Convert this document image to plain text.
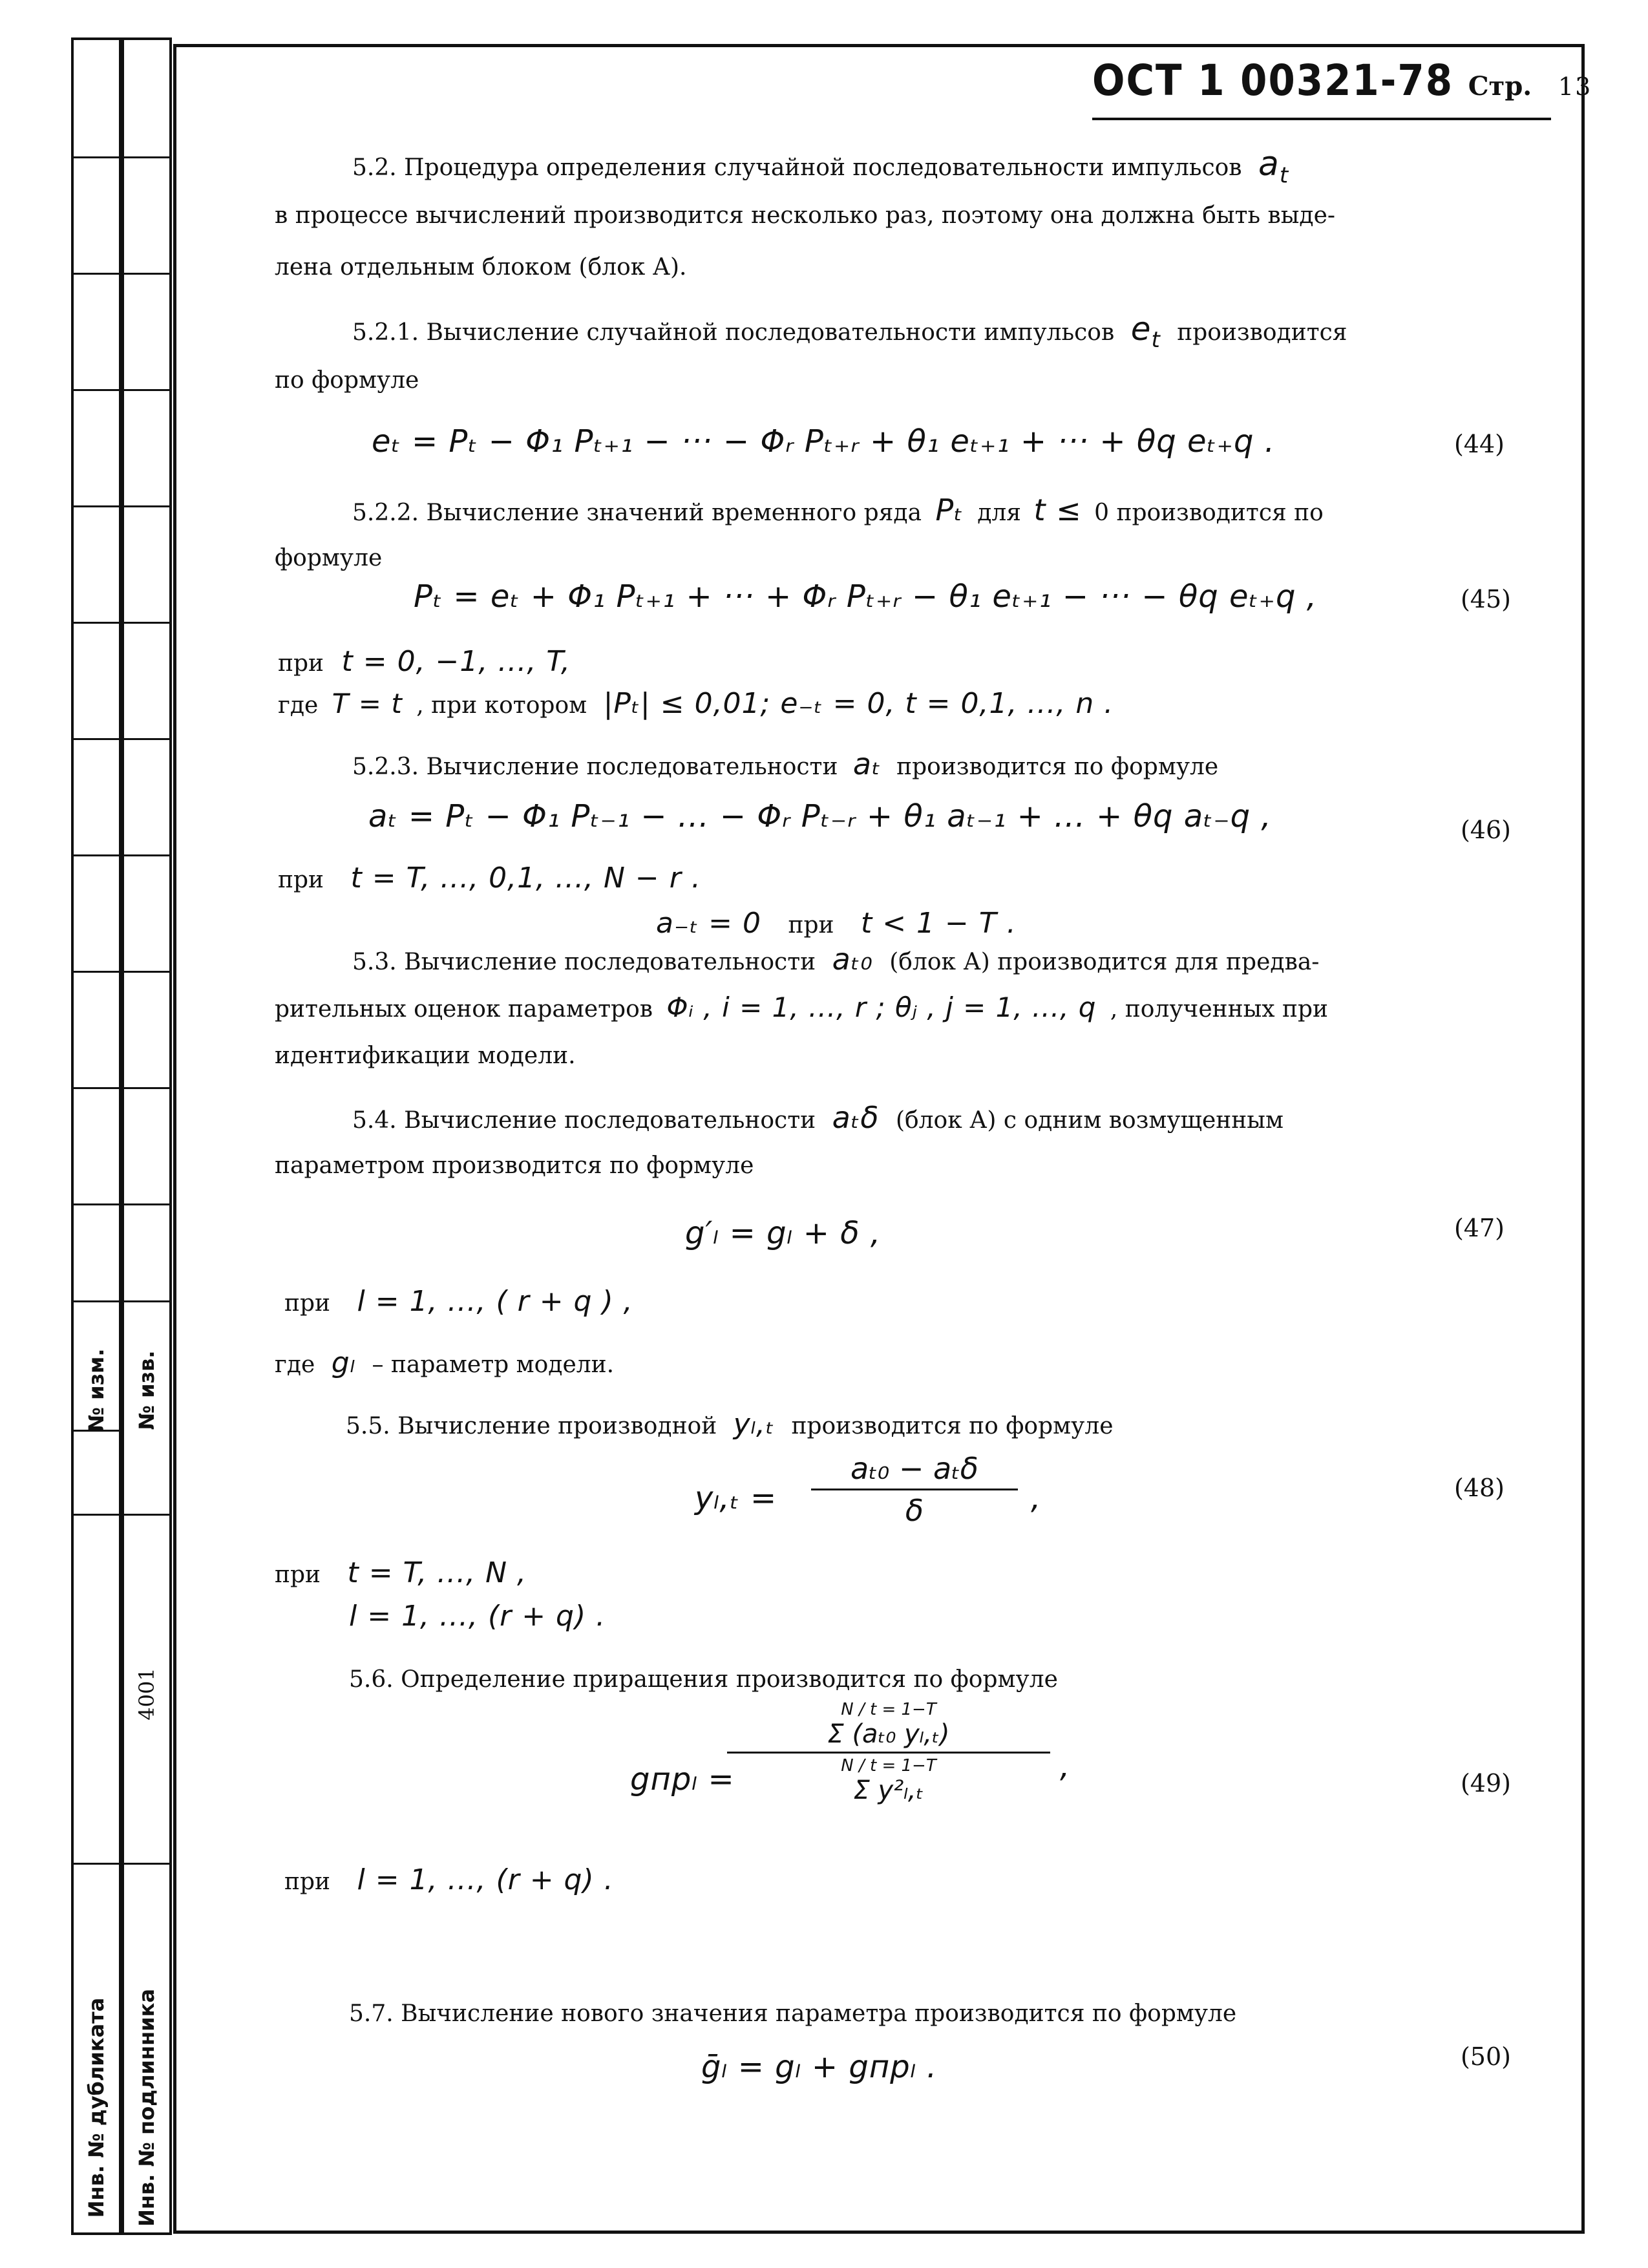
№ изм.
Инв. № дубликата
№ изв.
4001
Инв. № подлинника
ОСТ 1 00321-78 Стр. 13
5.2. Процедура определения случайной последовательности импульсов $a_t$
в процессе вычислений производится несколько раз, поэтому она должна быть выде-
лена отдельным блоком (блок А).
5.2.1. Вычисление случайной последовательности импульсов $e_t$ производится
по формуле
eₜ = Pₜ − Φ₁ Pₜ₊₁ − ··· − Φᵣ Pₜ₊ᵣ + θ₁ eₜ₊₁ + ··· + θq eₜ₊q .	(44)
5.2.2. Вычисление значений временного ряда Pₜ для t ≤ 0 производится по
формуле
Pₜ = eₜ + Φ₁ Pₜ₊₁ + ··· + Φᵣ Pₜ₊ᵣ − θ₁ eₜ₊₁ − ··· − θq eₜ₊q ,	(45)
при t = 0, −1, ..., T,
где T = t , при котором |Pₜ| ≤ 0,01; e₋ₜ = 0, t = 0,1, ..., n .
5.2.3. Вычисление последовательности aₜ производится по формуле
aₜ = Pₜ − Φ₁ Pₜ₋₁ − ... − Φᵣ Pₜ₋ᵣ + θ₁ aₜ₋₁ + ... + θq aₜ₋q ,	(46)
при t = T, ..., 0,1, ..., N − r .
a₋ₜ = 0 при t < 1 − T .
5.3. Вычисление последовательности aₜ₀ (блок А) производится для предва-
рительных оценок параметров Φᵢ , i = 1, ..., r ; θⱼ , j = 1, ..., q , полученных при
идентификации модели.
5.4. Вычисление последовательности aₜδ (блок А) с одним возмущенным
параметром производится по формуле
g′ₗ = gₗ + δ ,	(47)
при l = 1, ..., ( r + q ) ,
где gₗ – параметр модели.
5.5. Вычисление производной yₗ,ₜ производится по формуле
yₗ,ₜ =
aₜ₀ − aₜδ
δ	,	(48)
при t = T, ..., N ,
l = 1, ..., (r + q) .
5.6. Определение приращения производится по формуле
gпрₗ =
N / t = 1−T
Σ (aₜ₀ yₗ,ₜ)
N / t = 1−T
Σ y²ₗ,ₜ
,	(49)
при l = 1, ..., (r + q) .
5.7. Вычисление нового значения параметра производится по формуле
ḡₗ = gₗ + gпрₗ .	(50)
